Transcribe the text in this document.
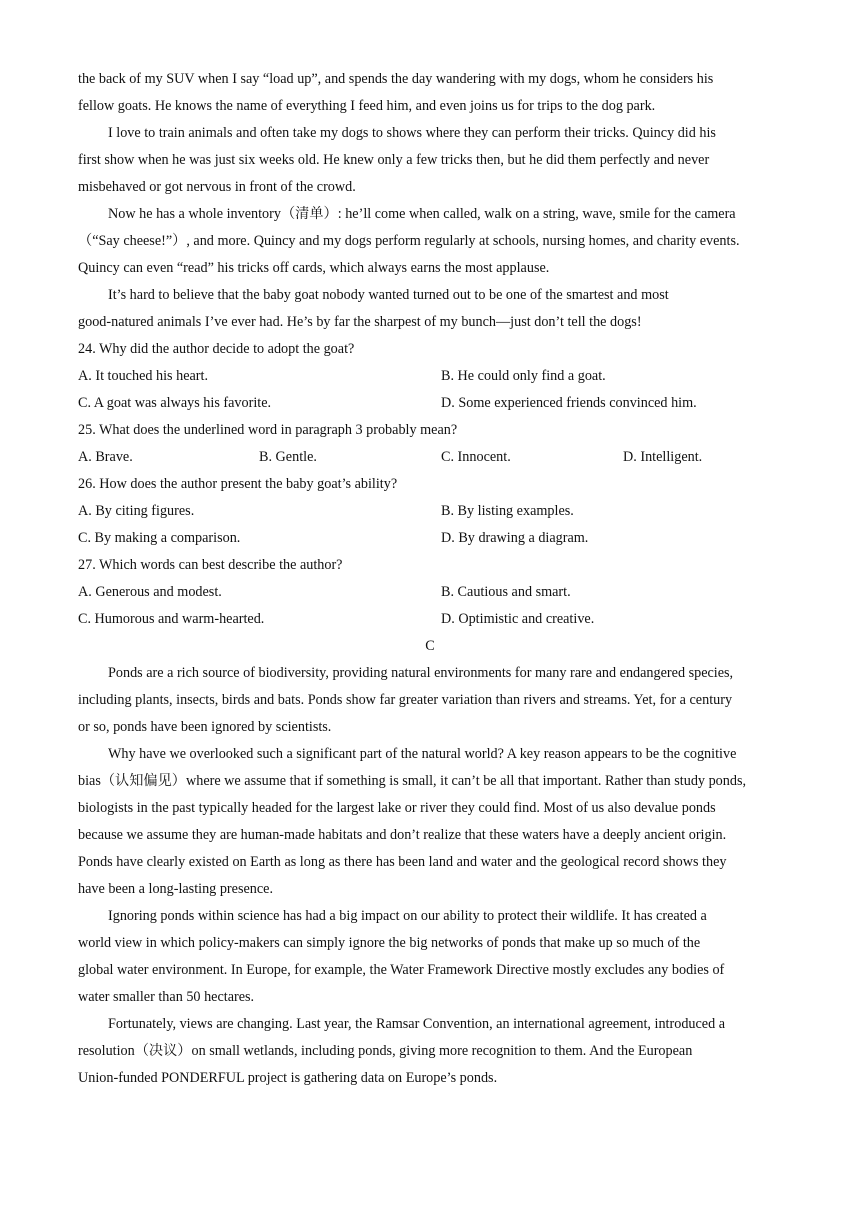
the back of my SUV when I say “load up”, and spends the day wandering with my dogs, whom he considers his
fellow goats. He knows the name of everything I feed him, and even joins us for trips to the dog park.
I love to train animals and often take my dogs to shows where they can perform their tricks. Quincy did his
first show when he was just six weeks old. He knew only a few tricks then, but he did them perfectly and never
misbehaved or got nervous in front of the crowd.
Now he has a whole inventory（清单）: he’ll come when called, walk on a string, wave, smile for the camera
（“Say cheese!”）, and more. Quincy and my dogs perform regularly at schools, nursing homes, and charity events.
Quincy can even “read” his tricks off cards, which always earns the most applause.
It’s hard to believe that the baby goat nobody wanted turned out to be one of the smartest and most
good-natured animals I’ve ever had. He’s by far the sharpest of my bunch—just don’t tell the dogs!
24. Why did the author decide to adopt the goat?
A. It touched his heart.	B. He could only find a goat.
C. A goat was always his favorite.	D. Some experienced friends convinced him.
25. What does the underlined word in paragraph 3 probably mean?
A. Brave.	B. Gentle.	C. Innocent.	D. Intelligent.
26. How does the author present the baby goat’s ability?
A. By citing figures.	B. By listing examples.
C. By making a comparison.	D. By drawing a diagram.
27. Which words can best describe the author?
A. Generous and modest.	B. Cautious and smart.
C. Humorous and warm-hearted.	D. Optimistic and creative.
C
Ponds are a rich source of biodiversity, providing natural environments for many rare and endangered species,
including plants, insects, birds and bats. Ponds show far greater variation than rivers and streams. Yet, for a century
or so, ponds have been ignored by scientists.
Why have we overlooked such a significant part of the natural world? A key reason appears to be the cognitive
bias（认知偏见）where we assume that if something is small, it can’t be all that important. Rather than study ponds,
biologists in the past typically headed for the largest lake or river they could find. Most of us also devalue ponds
because we assume they are human-made habitats and don’t realize that these waters have a deeply ancient origin.
Ponds have clearly existed on Earth as long as there has been land and water and the geological record shows they
have been a long-lasting presence.
Ignoring ponds within science has had a big impact on our ability to protect their wildlife. It has created a
world view in which policy-makers can simply ignore the big networks of ponds that make up so much of the
global water environment. In Europe, for example, the Water Framework Directive mostly excludes any bodies of
water smaller than 50 hectares.
Fortunately, views are changing. Last year, the Ramsar Convention, an international agreement, introduced a
resolution（决议）on small wetlands, including ponds, giving more recognition to them. And the European
Union-funded PONDERFUL project is gathering data on Europe’s ponds.
